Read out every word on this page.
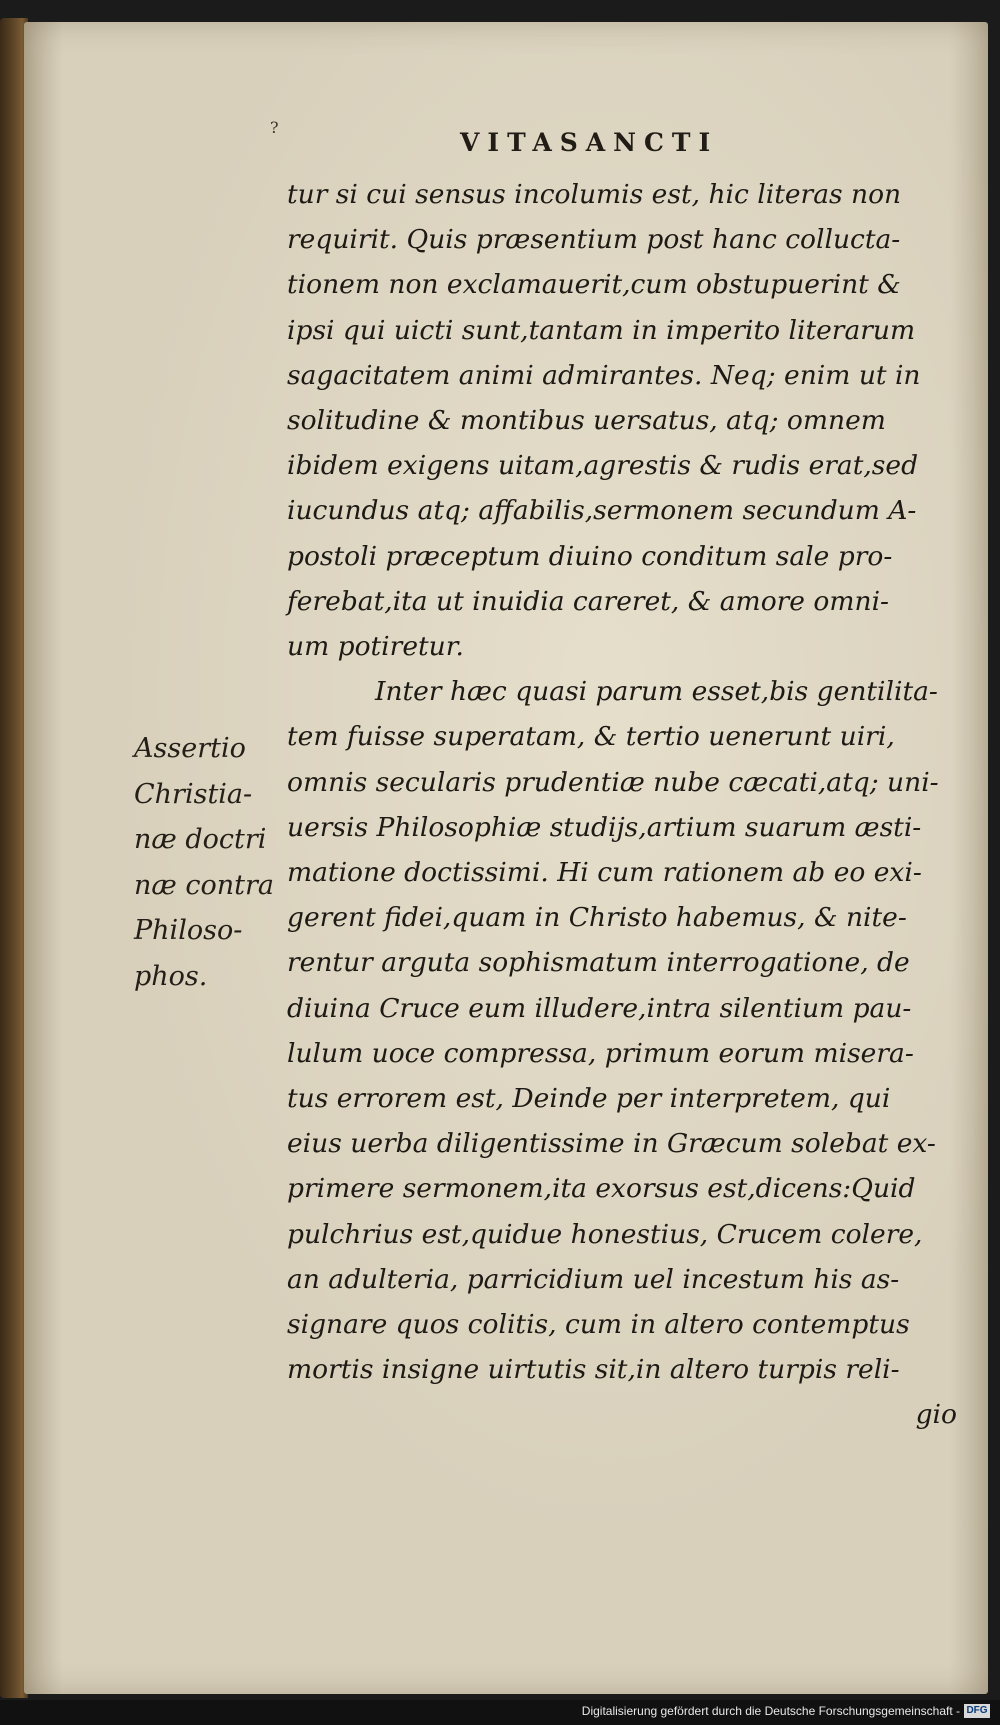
?
VITASANCTI
tur si cui sensus incolumis est, hic literas non
requirit. Quis præsentium post hanc collucta-
tionem non exclamauerit,cum obstupuerint &
ipsi qui uicti sunt,tantam in imperito literarum
sagacitatem animi admirantes. Neq; enim ut in
solitudine & montibus uersatus, atq; omnem
ibidem exigens uitam,agrestis & rudis erat,sed
iucundus atq; affabilis,sermonem secundum A-
postoli præceptum diuino conditum sale pro-
ferebat,ita ut inuidia careret, & amore omni-
um potiretur.
Inter hæc quasi parum esset,bis gentilita-
tem fuisse superatam, & tertio uenerunt uiri,
omnis secularis prudentiæ nube cæcati,atq; uni-
uersis Philosophiæ studijs,artium suarum æsti-
matione doctissimi. Hi cum rationem ab eo exi-
gerent fidei,quam in Christo habemus, & nite-
rentur arguta sophismatum interrogatione, de
diuina Cruce eum illudere,intra silentium pau-
lulum uoce compressa, primum eorum misera-
tus errorem est, Deinde per interpretem, qui
eius uerba diligentissime in Græcum solebat ex-
primere sermonem,ita exorsus est,dicens:Quid
pulchrius est,quidue honestius, Crucem colere,
an adulteria, parricidium uel incestum his as-
signare quos colitis, cum in altero contemptus
mortis insigne uirtutis sit,in altero turpis reli-
gio
Assertio
Christia-
næ doctri
næ contra
Philoso-
phos.
Digitalisierung gefördert durch die Deutsche Forschungsgemeinschaft - DFG
